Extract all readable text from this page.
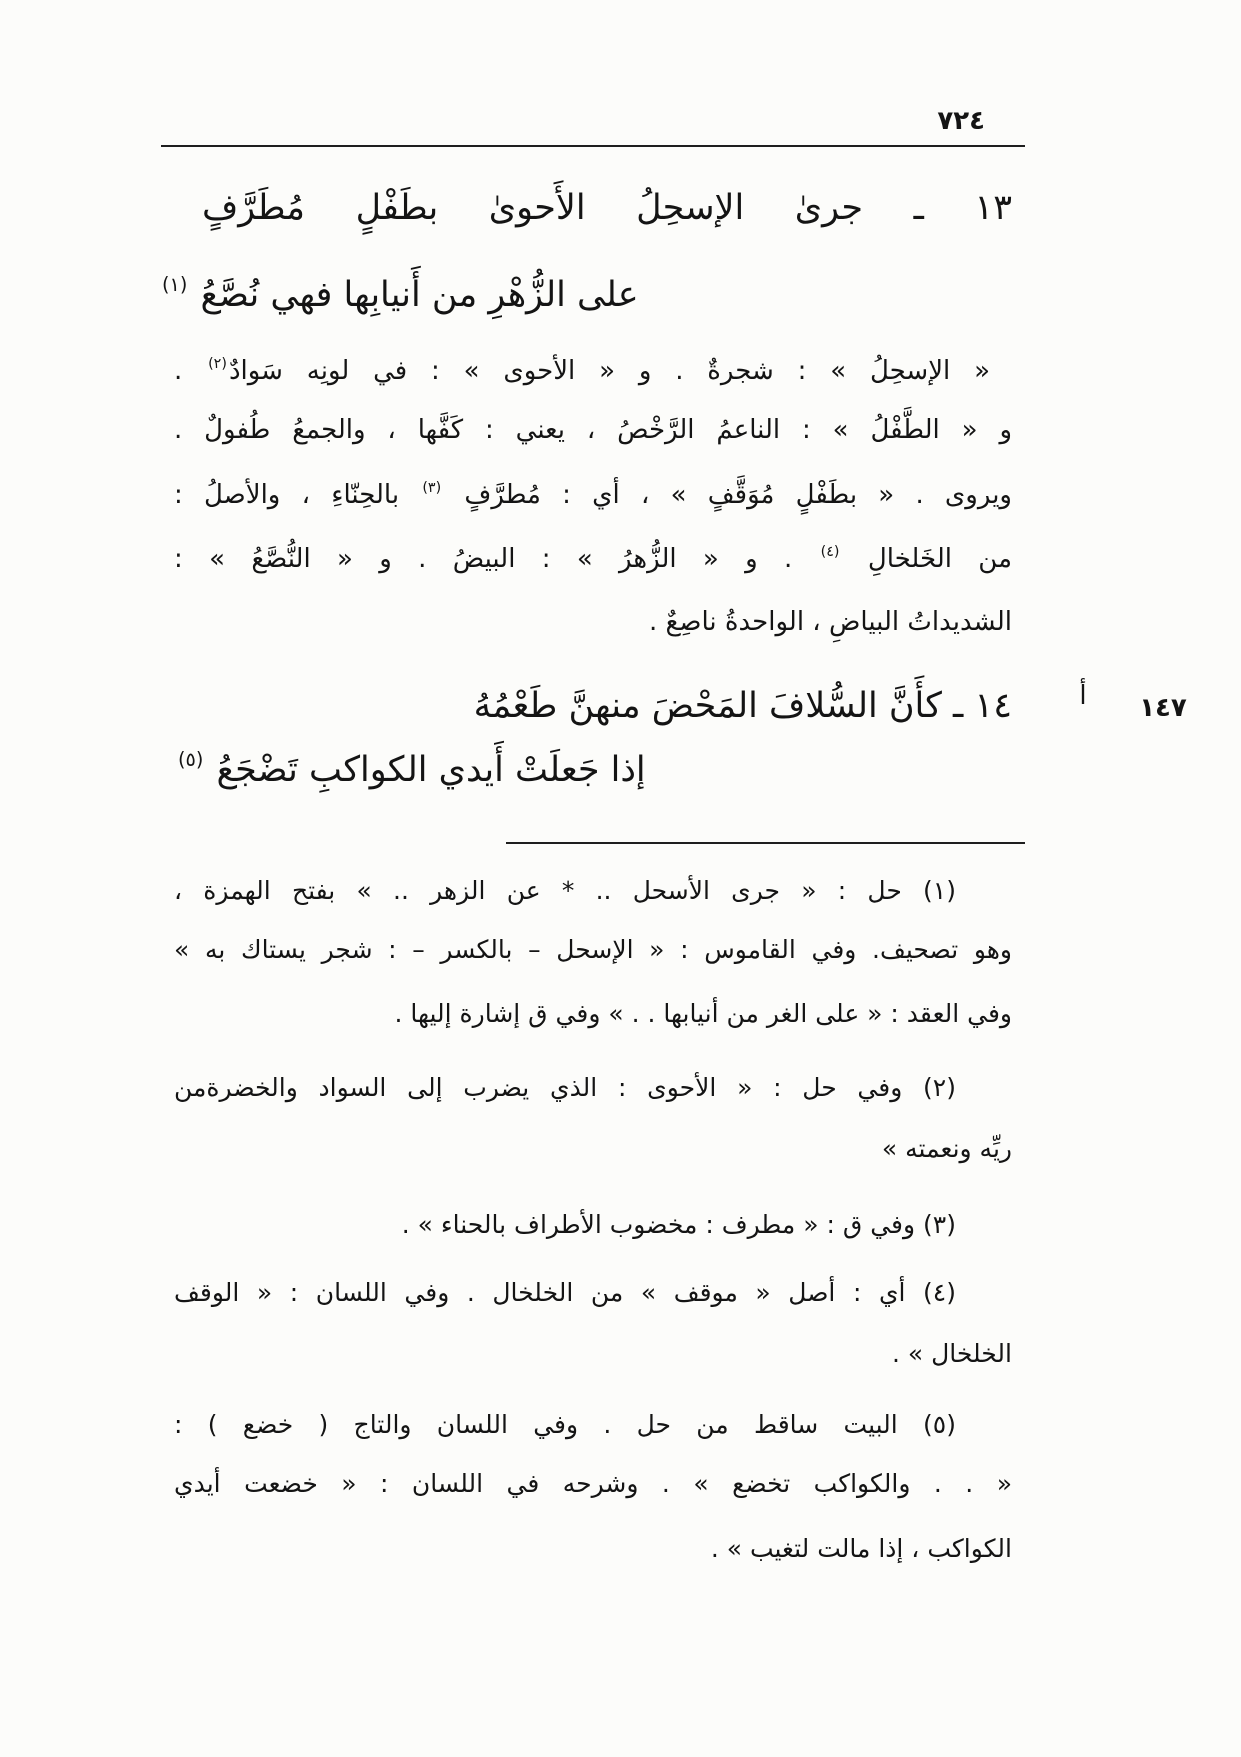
٧٢٤
١٣ ـ جرىٰ الإسحِلُ الأَحوىٰ بطَفْلٍ مُطَرَّفٍ
على الزُّهْرِ من أَنيابِها فهي نُصَّعُ $^{(١)}$
« الإسحِلُ » : شجرةٌ . و « الأحوى » : في لونِه سَوادٌ$^{(٢)}$ .
و « الطَّفْلُ » : الناعمُ الرَّخْصُ ، يعني : كَفَّها ، والجمعُ طُفولٌ .
ويروى . « بطَفْلٍ مُوَقَّفٍ » ، أي : مُطرَّفٍ $^{(٣)}$ بالحِنّاءِ ، والأصلُ :
من الخَلخالِ $^{(٤)}$ . و « الزُّهرُ » : البيضُ . و « النُّصَّعُ » :
الشديداتُ البياضِ ، الواحدةُ ناصِعٌ .
أ	١٤٧
١٤ ـ كأَنَّ السُّلافَ المَحْضَ منهنَّ طَعْمُهُ
إذا جَعلَتْ أَيدي الكواكبِ تَضْجَعُ $^{(٥)}$
(١) حل : « جرى الأسحل .. * عن الزهر .. » بفتح الهمزة ،
وهو تصحيف. وفي القاموس : « الإسحل – بالكسر – : شجر يستاك به »
وفي العقد : « على الغر من أنيابها . . » وفي ق إشارة إليها .
(٢) وفي حل : « الأحوى : الذي يضرب إلى السواد والخضرةمن
ريِّه ونعمته »
(٣) وفي ق : « مطرف : مخضوب الأطراف بالحناء » .
(٤) أي : أصل « موقف » من الخلخال . وفي اللسان : « الوقف
الخلخال » .
(٥) البيت ساقط من حل . وفي اللسان والتاج ( خضع ) :
« . . والكواكب تخضع » . وشرحه في اللسان : « خضعت أيدي
الكواكب ، إذا مالت لتغيب » .
